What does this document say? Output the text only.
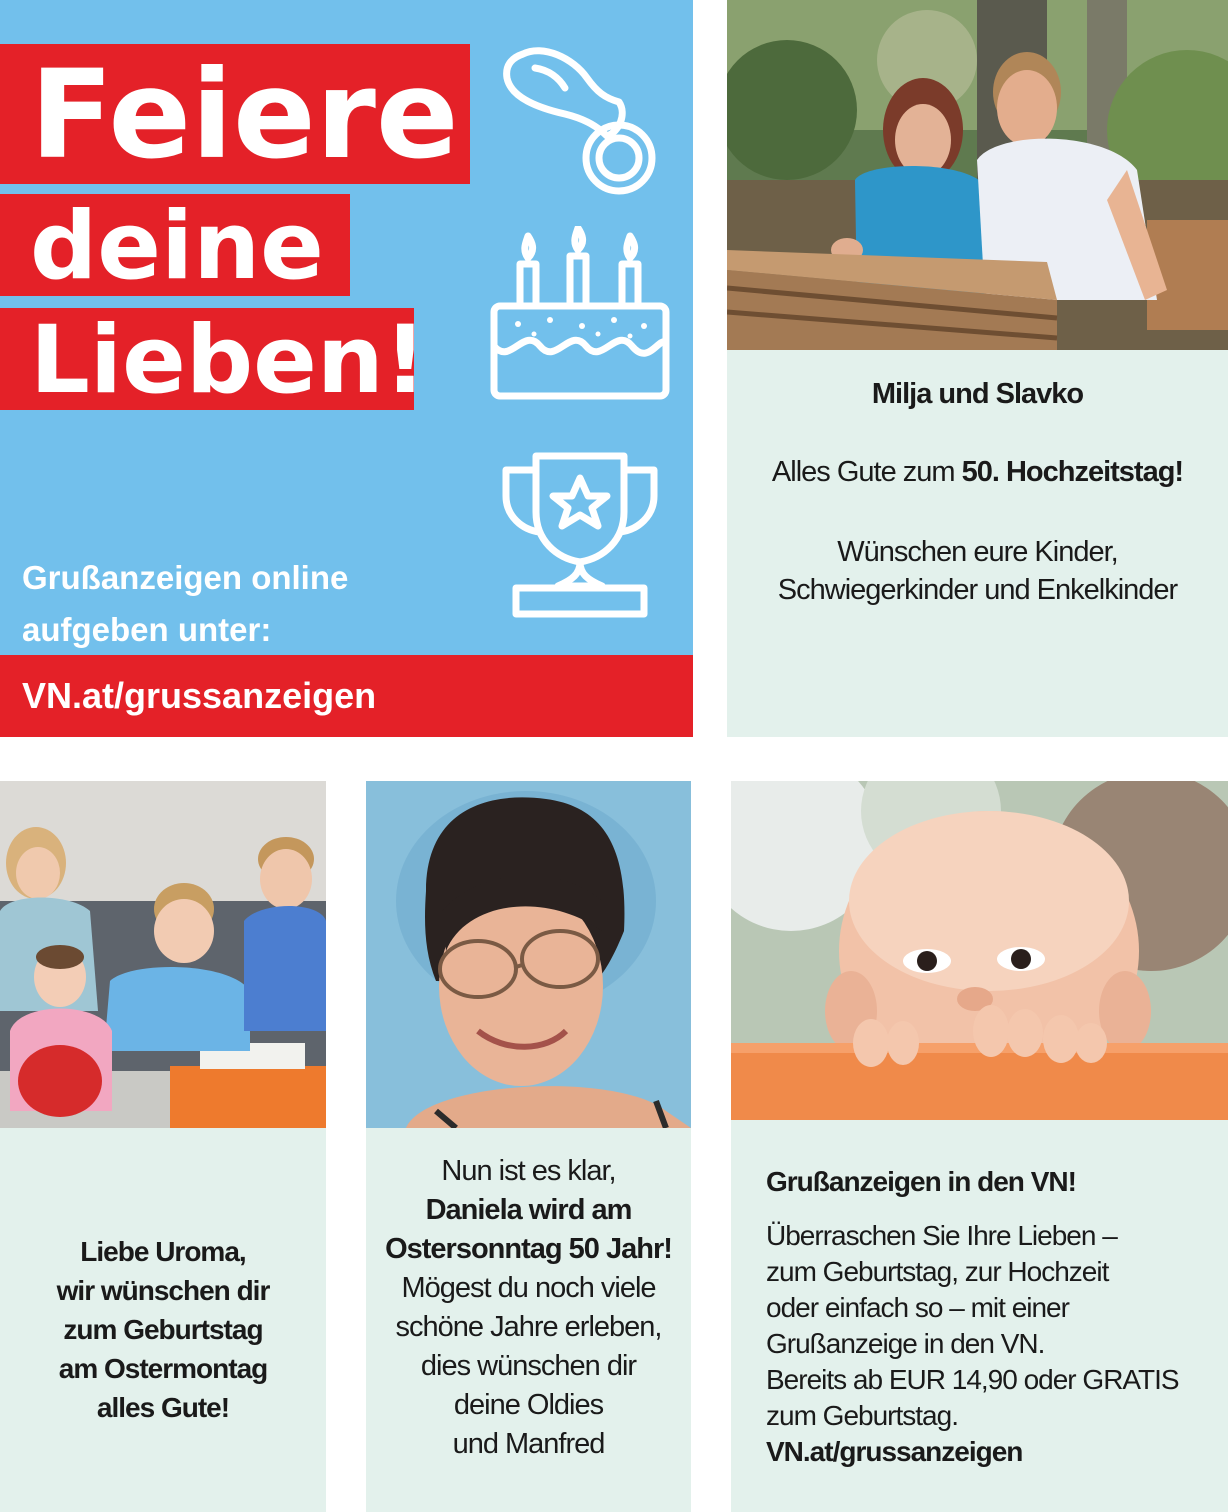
Feiere
deine
Lieben!
Grußanzeigen online
aufgeben unter:
VN.at/grussanzeigen
Milja und Slavko
Alles Gute zum 50. Hochzeitstag!
Wünschen eure Kinder,
Schwiegerkinder und Enkelkinder

Liebe Uroma,

wir wünschen dir

zum Geburtstag

am Ostermontag

alles Gute!

Nun ist es klar,

Daniela wird am

Ostersonntag 50 Jahr!

Mögest du noch viele

schöne Jahre erleben,

dies wünschen dir

deine Oldies

und Manfred

Grußanzeigen in den VN!

Überraschen Sie Ihre Lieben –

zum Geburtstag, zur Hochzeit

oder einfach so – mit einer

Grußanzeige in den VN.

Bereits ab EUR 14,90 oder GRATIS

zum Geburtstag.

VN.at/grussanzeigen
